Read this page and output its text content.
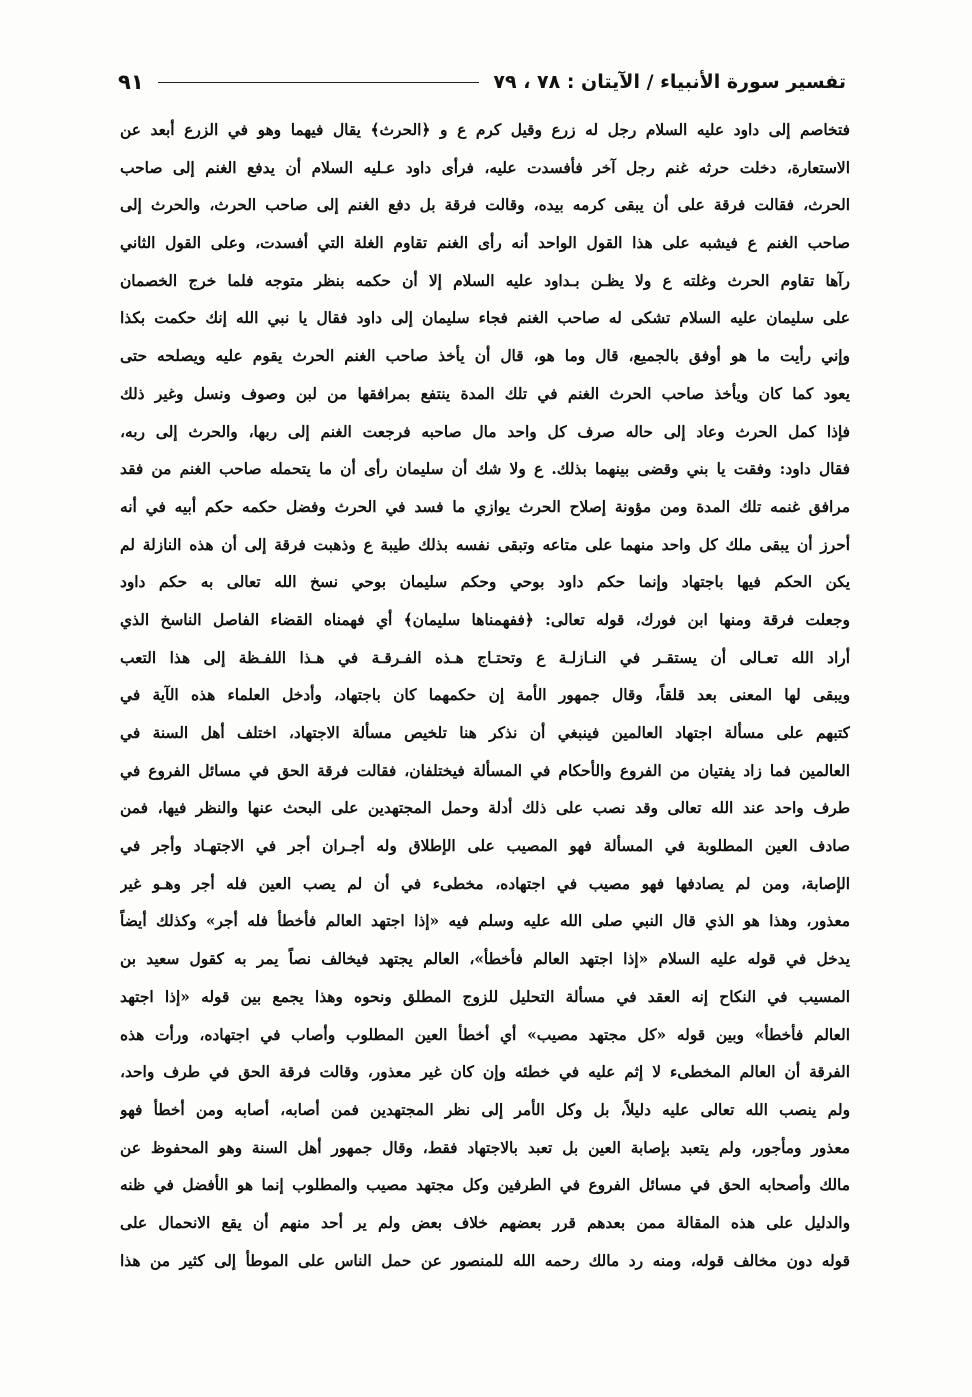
تفسير سورة الأنبياء / الآيتان : ٧٨ ، ٧٩
٩١
فتخاصم إلى داود عليه السلام رجل له زرع وقيل كرم ع و ﴿الحرث﴾ يقال فيهما وهو في الزرع أبعد عن
الاستعارة، دخلت حرثه غنم رجل آخر فأفسدت عليه، فرأى داود عـليه السلام أن يدفع الغنم إلى صاحب
الحرث، فقالت فرقة على أن يبقى كرمه بيده، وقالت فرقة بل دفع الغنم إلى صاحب الحرث، والحرث إلى
صاحب الغنم ع فيشبه على هذا القول الواحد أنه رأى الغنم تقاوم الغلة التي أفسدت، وعلى القول الثاني
رآها تقاوم الحرث وغلته ع ولا يظـن بـداود عليه السلام إلا أن حكمه بنظر متوجه فلما خرج الخصمان
على سليمان عليه السلام تشكى له صاحب الغنم فجاء سليمان إلى داود فقال يا نبي الله إنك حكمت بكذا
وإني رأيت ما هو أوفق بالجميع، قال وما هو، قال أن يأخذ صاحب الغنم الحرث يقوم عليه ويصلحه حتى
يعود كما كان ويأخذ صاحب الحرث الغنم في تلك المدة ينتفع بمرافقها من لبن وصوف ونسل وغير ذلك
فإذا كمل الحرث وعاد إلى حاله صرف كل واحد مال صاحبه فرجعت الغنم إلى ربها، والحرث إلى ربه،
فقال داود: وفقت يا بني وقضى بينهما بذلك. ع ولا شك أن سليمان رأى أن ما يتحمله صاحب الغنم من فقد
مرافق غنمه تلك المدة ومن مؤونة إصلاح الحرث يوازي ما فسد في الحرث وفضل حكمه حكم أبيه في أنه
أحرز أن يبقى ملك كل واحد منهما على متاعه وتبقى نفسه بذلك طيبة ع وذهبت فرقة إلى أن هذه النازلة لم
يكن الحكم فيها باجتهاد وإنما حكم داود بوحي وحكم سليمان بوحي نسخ الله تعالى به حكم داود
وجعلت فرقة ومنها ابن فورك، قوله تعالى: ﴿ففهمناها سليمان﴾ أي فهمناه القضاء الفاصل الناسخ الذي
أراد الله تعـالى أن يستقـر في النـازلـة ع وتحتـاج هـذه الفـرقـة في هـذا اللفـظة إلى هذا التعب
ويبقى لها المعنى بعد قلقاً، وقال جمهور الأمة إن حكمهما كان باجتهاد، وأدخل العلماء هذه الآية في
كتبهم على مسألة اجتهاد العالمين فينبغي أن نذكر هنا تلخيص مسألة الاجتهاد، اختلف أهل السنة في
العالمين فما زاد يفتيان من الفروع والأحكام في المسألة فيختلفان، فقالت فرقة الحق في مسائل الفروع في
طرف واحد عند الله تعالى وقد نصب على ذلك أدلة وحمل المجتهدين على البحث عنها والنظر فيها، فمن
صادف العين المطلوبة في المسألة فهو المصيب على الإطلاق وله أجـران أجر في الاجتهـاد وأجر في
الإصابة، ومن لم يصادفها فهو مصيب في اجتهاده، مخطىء في أن لم يصب العين فله أجر وهـو غير
معذور، وهذا هو الذي قال النبي صلى الله عليه وسلم فيه «إذا اجتهد العالم فأخطأ فله أجر» وكذلك أيضاً
يدخل في قوله عليه السلام «إذا اجتهد العالم فأخطأ»، العالم يجتهد فيخالف نصاً يمر به كقول سعيد بن
المسيب في النكاح إنه العقد في مسألة التحليل للزوج المطلق ونحوه وهذا يجمع بين قوله «إذا اجتهد
العالم فأخطأ» وبين قوله «كل مجتهد مصيب» أي أخطأ العين المطلوب وأصاب في اجتهاده، ورأت هذه
الفرقة أن العالم المخطىء لا إثم عليه في خطئه وإن كان غير معذور، وقالت فرقة الحق في طرف واحد،
ولم ينصب الله تعالى عليه دليلاً، بل وكل الأمر إلى نظر المجتهدين فمن أصابه، أصابه ومن أخطأ فهو
معذور ومأجور، ولم يتعبد بإصابة العين بل تعبد بالاجتهاد فقط، وقال جمهور أهل السنة وهو المحفوظ عن
مالك وأصحابه الحق في مسائل الفروع في الطرفين وكل مجتهد مصيب والمطلوب إنما هو الأفضل في ظنه
والدليل على هذه المقالة ممن بعدهم قرر بعضهم خلاف بعض ولم ير أحد منهم أن يقع الانحمال على
قوله دون مخالف قوله، ومنه رد مالك رحمه الله للمنصور عن حمل الناس على الموطأ إلى كثير من هذا
